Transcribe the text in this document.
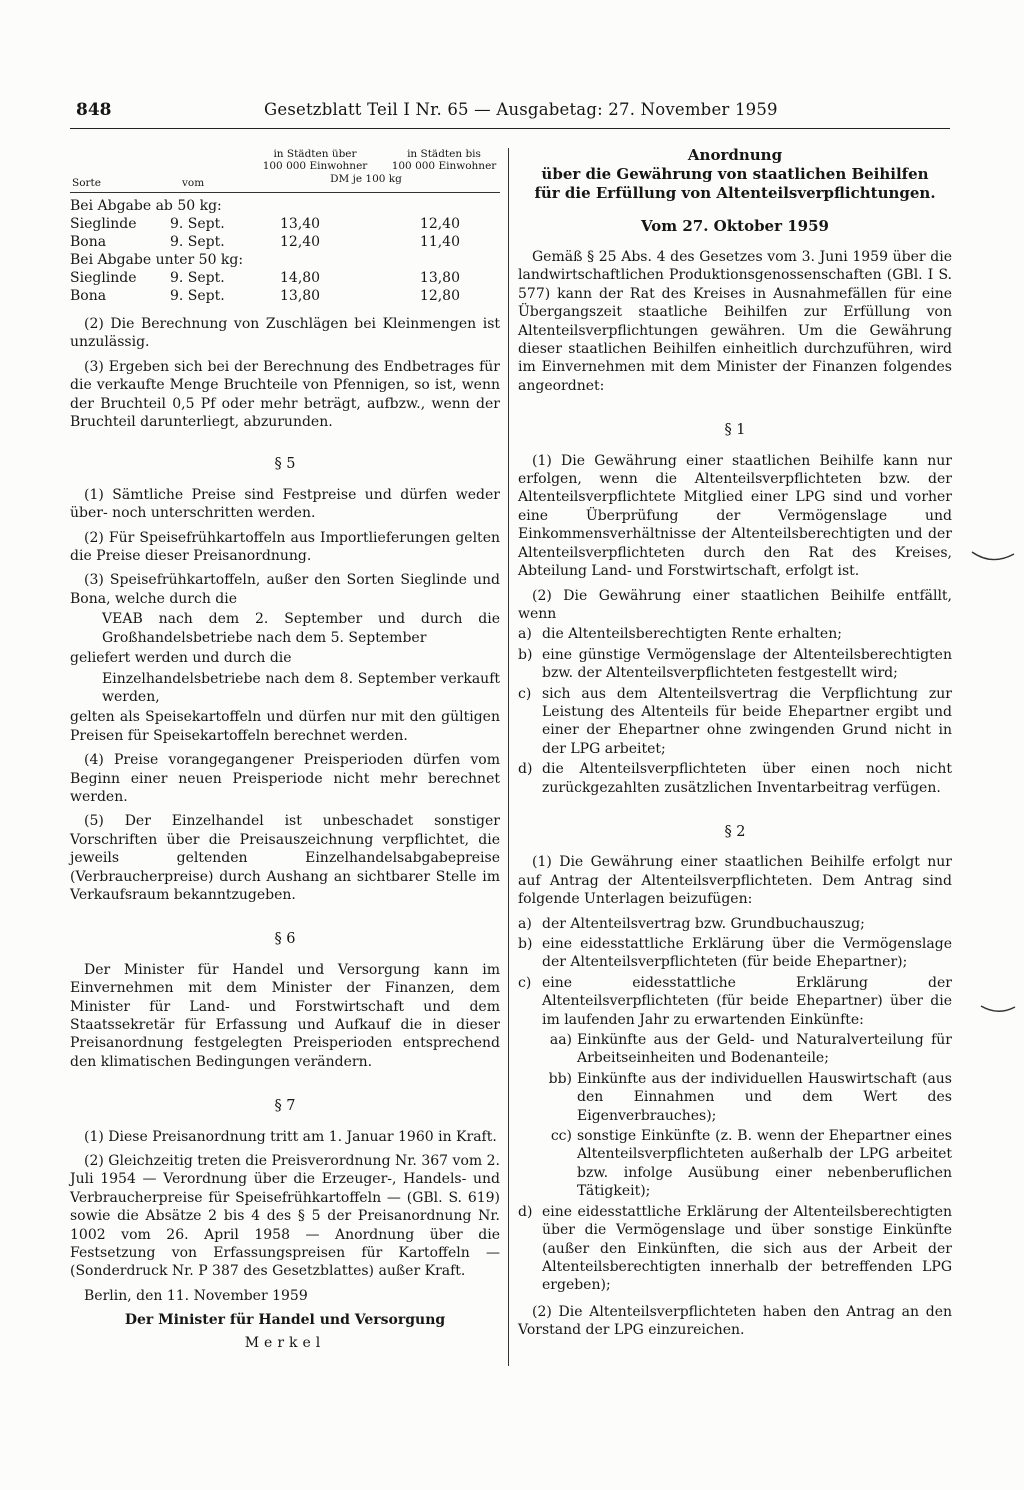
848	Gesetzblatt Teil I Nr. 65 — Ausgabetag: 27. November 1959
in Städten über
100 000 Einwohner
in Städten bis
100 000 Einwohner
DM je 100 kg
Sorte	vom
Bei Abgabe ab 50 kg:			
Sieglinde	9. Sept.	13,40	12,40
Bona	9. Sept.	12,40	11,40
Bei Abgabe unter 50 kg:			
Sieglinde	9. Sept.	14,80	13,80
Bona	9. Sept.	13,80	12,80

(2) Die Berechnung von Zuschlägen bei Kleinmengen ist unzulässig.

(3) Ergeben sich bei der Berechnung des Endbetrages für die verkaufte Menge Bruchteile von Pfennigen, so ist, wenn der Bruchteil 0,5 Pf oder mehr beträgt, aufbzw., wenn der Bruchteil darunterliegt, abzurunden.

§ 5

(1) Sämtliche Preise sind Festpreise und dürfen weder über- noch unterschritten werden.

(2) Für Speisefrühkartoffeln aus Importlieferungen gelten die Preise dieser Preisanordnung.

(3) Speisefrühkartoffeln, außer den Sorten Sieglinde und Bona, welche durch die

VEAB nach dem 2. September und durch die Großhandelsbetriebe nach dem 5. September

geliefert werden und durch die

Einzelhandelsbetriebe nach dem 8. September verkauft werden,

gelten als Speisekartoffeln und dürfen nur mit den gültigen Preisen für Speisekartoffeln berechnet werden.

(4) Preise vorangegangener Preisperioden dürfen vom Beginn einer neuen Preisperiode nicht mehr berechnet werden.

(5) Der Einzelhandel ist unbeschadet sonstiger Vorschriften über die Preisauszeichnung verpflichtet, die jeweils geltenden Einzelhandelsabgabepreise (Verbraucherpreise) durch Aushang an sichtbarer Stelle im Verkaufsraum bekanntzugeben.

§ 6

Der Minister für Handel und Versorgung kann im Einvernehmen mit dem Minister der Finanzen, dem Minister für Land- und Forstwirtschaft und dem Staatssekretär für Erfassung und Aufkauf die in dieser Preisanordnung festgelegten Preisperioden entsprechend den klimatischen Bedingungen verändern.

§ 7

(1) Diese Preisanordnung tritt am 1. Januar 1960 in Kraft.

(2) Gleichzeitig treten die Preisverordnung Nr. 367 vom 2. Juli 1954 — Verordnung über die Erzeuger-, Handels- und Verbraucherpreise für Speisefrühkartoffeln — (GBl. S. 619) sowie die Absätze 2 bis 4 des § 5 der Preisanordnung Nr. 1002 vom 26. April 1958 — Anordnung über die Festsetzung von Erfassungspreisen für Kartoffeln — (Sonderdruck Nr. P 387 des Gesetzblattes) außer Kraft.

Berlin, den 11. November 1959

Der Minister für Handel und Versorgung
Merkel
Anordnung
über die Gewährung von staatlichen Beihilfen
für die Erfüllung von Altenteilsverpflichtungen.
Vom 27. Oktober 1959

Gemäß § 25 Abs. 4 des Gesetzes vom 3. Juni 1959 über die landwirtschaftlichen Produktionsgenossenschaften (GBl. I S. 577) kann der Rat des Kreises in Ausnahmefällen für eine Übergangszeit staatliche Beihilfen zur Erfüllung von Altenteilsverpflichtungen gewähren. Um die Gewährung dieser staatlichen Beihilfen einheitlich durchzuführen, wird im Einvernehmen mit dem Minister der Finanzen folgendes angeordnet:

§ 1

(1) Die Gewährung einer staatlichen Beihilfe kann nur erfolgen, wenn die Altenteilsverpflichteten bzw. der Altenteilsverpflichtete Mitglied einer LPG sind und vorher eine Überprüfung der Vermögenslage und Einkommensverhältnisse der Altenteilsberechtigten und der Altenteilsverpflichteten durch den Rat des Kreises, Abteilung Land- und Forstwirtschaft, erfolgt ist.

(2) Die Gewährung einer staatlichen Beihilfe entfällt, wenn

a) die Altenteilsberechtigten Rente erhalten;
b) eine günstige Vermögenslage der Altenteilsberechtigten bzw. der Altenteilsverpflichteten festgestellt wird;
c) sich aus dem Altenteilsvertrag die Verpflichtung zur Leistung des Altenteils für beide Ehepartner ergibt und einer der Ehepartner ohne zwingenden Grund nicht in der LPG arbeitet;
d) die Altenteilsverpflichteten über einen noch nicht zurückgezahlten zusätzlichen Inventarbeitrag verfügen.
§ 2

(1) Die Gewährung einer staatlichen Beihilfe erfolgt nur auf Antrag der Altenteilsverpflichteten. Dem Antrag sind folgende Unterlagen beizufügen:

a) der Altenteilsvertrag bzw. Grundbuchauszug;
b) eine eidesstattliche Erklärung über die Vermögenslage der Altenteilsverpflichteten (für beide Ehepartner);
c) eine eidesstattliche Erklärung der Altenteilsverpflichteten (für beide Ehepartner) über die im laufenden Jahr zu erwartenden Einkünfte:
aa) Einkünfte aus der Geld- und Naturalverteilung für Arbeitseinheiten und Bodenanteile;
bb) Einkünfte aus der individuellen Hauswirtschaft (aus den Einnahmen und dem Wert des Eigenverbrauches);
cc) sonstige Einkünfte (z. B. wenn der Ehepartner eines Altenteilsverpflichteten außerhalb der LPG arbeitet bzw. infolge Ausübung einer nebenberuflichen Tätigkeit);
d) eine eidesstattliche Erklärung der Altenteilsberechtigten über die Vermögenslage und über sonstige Einkünfte (außer den Einkünften, die sich aus der Arbeit der Altenteilsberechtigten innerhalb der betreffenden LPG ergeben);

(2) Die Altenteilsverpflichteten haben den Antrag an den Vorstand der LPG einzureichen.
